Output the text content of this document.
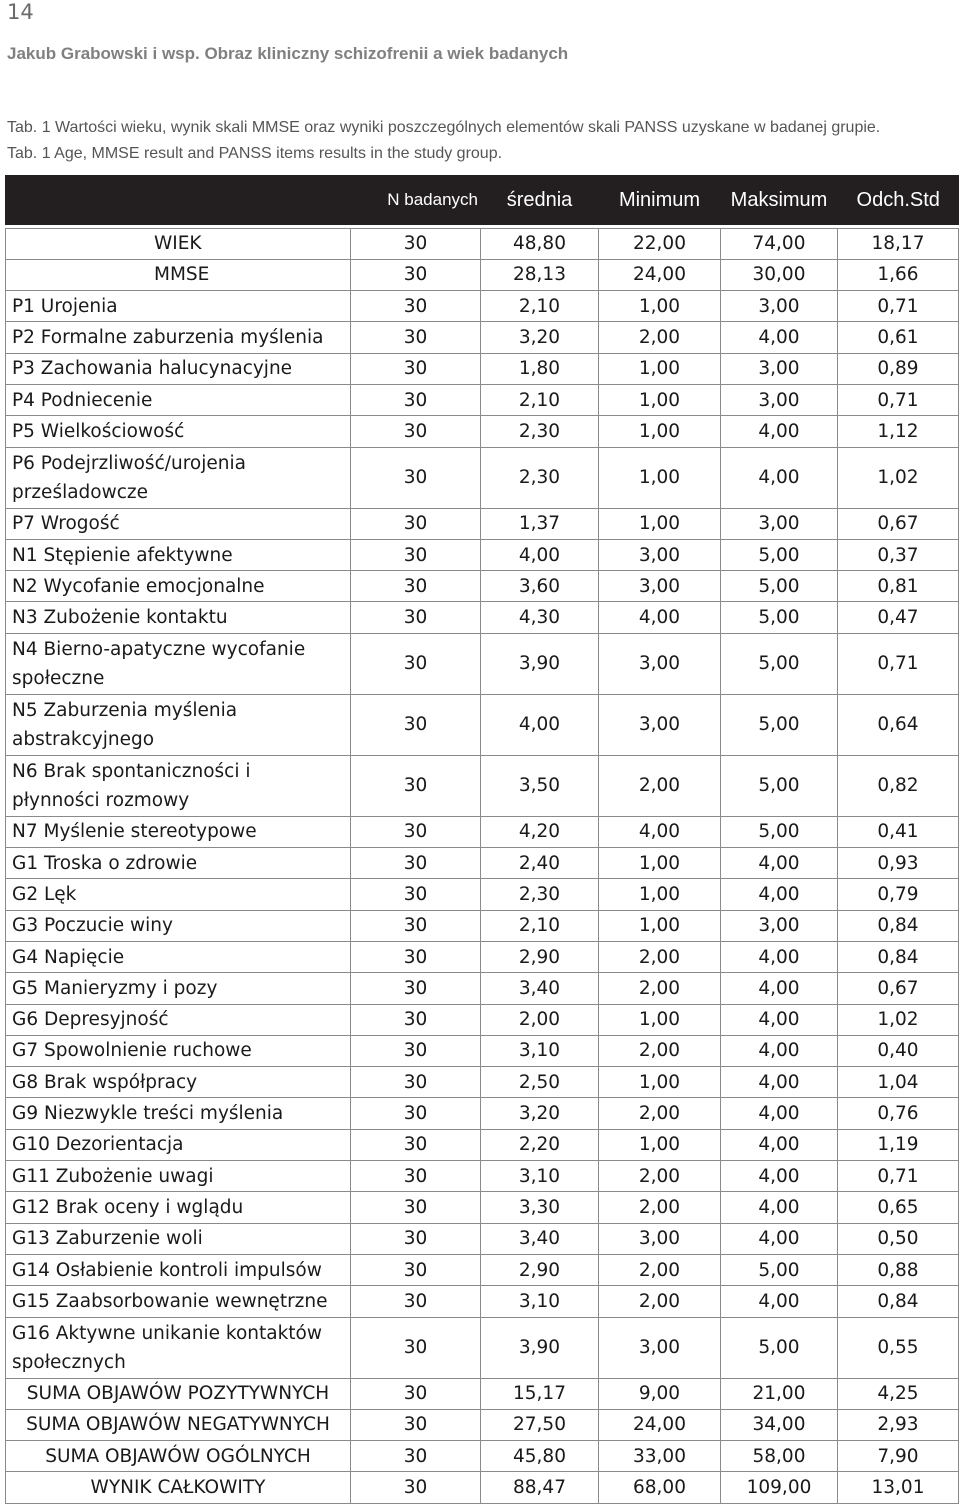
14
Jakub Grabowski i wsp. Obraz kliniczny schizofrenii a wiek badanych
Tab. 1 Wartości wieku, wynik skali MMSE oraz wyniki poszczególnych elementów skali PANSS uzyskane w badanej grupie.
Tab. 1 Age, MMSE result and PANSS items results in the study group.
	N badanych	średnia	Minimum	Maksimum	Odch.Std

WIEK	30	48,80	22,00	74,00	18,17
MMSE	30	28,13	24,00	30,00	1,66
P1 Urojenia	30	2,10	1,00	3,00	0,71
P2 Formalne zaburzenia myślenia	30	3,20	2,00	4,00	0,61
P3 Zachowania halucynacyjne	30	1,80	1,00	3,00	0,89
P4 Podniecenie	30	2,10	1,00	3,00	0,71
P5 Wielkościowość	30	2,30	1,00	4,00	1,12
P6 Podejrzliwość/urojenia prześladowcze	30	2,30	1,00	4,00	1,02
P7 Wrogość	30	1,37	1,00	3,00	0,67
N1 Stępienie afektywne	30	4,00	3,00	5,00	0,37
N2 Wycofanie emocjonalne	30	3,60	3,00	5,00	0,81
N3 Zubożenie kontaktu	30	4,30	4,00	5,00	0,47
N4 Bierno-apatyczne wycofanie społeczne	30	3,90	3,00	5,00	0,71
N5 Zaburzenia myślenia abstrakcyjnego	30	4,00	3,00	5,00	0,64
N6 Brak spontaniczności i płynności rozmowy	30	3,50	2,00	5,00	0,82
N7 Myślenie stereotypowe	30	4,20	4,00	5,00	0,41
G1 Troska o zdrowie	30	2,40	1,00	4,00	0,93
G2 Lęk	30	2,30	1,00	4,00	0,79
G3 Poczucie winy	30	2,10	1,00	3,00	0,84
G4 Napięcie	30	2,90	2,00	4,00	0,84
G5 Manieryzmy i pozy	30	3,40	2,00	4,00	0,67
G6 Depresyjność	30	2,00	1,00	4,00	1,02
G7 Spowolnienie ruchowe	30	3,10	2,00	4,00	0,40
G8 Brak współpracy	30	2,50	1,00	4,00	1,04
G9 Niezwykle treści myślenia	30	3,20	2,00	4,00	0,76
G10 Dezorientacja	30	2,20	1,00	4,00	1,19
G11 Zubożenie uwagi	30	3,10	2,00	4,00	0,71
G12 Brak oceny i wglądu	30	3,30	2,00	4,00	0,65
G13 Zaburzenie woli	30	3,40	3,00	4,00	0,50
G14 Osłabienie kontroli impulsów	30	2,90	2,00	5,00	0,88
G15 Zaabsorbowanie wewnętrzne	30	3,10	2,00	4,00	0,84
G16 Aktywne unikanie kontaktów społecznych	30	3,90	3,00	5,00	0,55
SUMA OBJAWÓW POZYTYWNYCH	30	15,17	9,00	21,00	4,25
SUMA OBJAWÓW NEGATYWNYCH	30	27,50	24,00	34,00	2,93
SUMA OBJAWÓW OGÓLNYCH	30	45,80	33,00	58,00	7,90
WYNIK CAŁKOWITY	30	88,47	68,00	109,00	13,01
